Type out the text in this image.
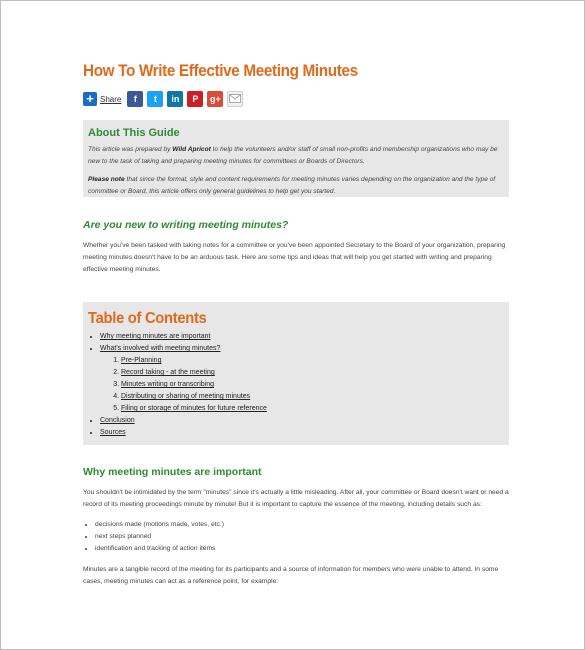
How To Write Effective Meeting Minutes
+ Share	f	t	in	P	g+
About This Guide

This article was prepared by Wild Apricot to help the volunteers and/or staff of small non-profits and membership organizations who may be new to the task of taking and preparing meeting minutes for committees or Boards of Directors.

Please note that since the format, style and content requirements for meeting minutes varies depending on the organization and the type of committee or Board, this article offers only general guidelines to help get you started.

Are you new to writing meeting minutes?

Whether you've been tasked with taking notes for a committee or you've been appointed Secretary to the Board of your organization, preparing meeting minutes doesn't have to be an arduous task. Here are some tips and ideas that will help you get started with writing and preparing effective meeting minutes.

Table of Contents
• Why meeting minutes are important
• What's involved with meeting minutes?
1. Pre-Planning
2. Record taking - at the meeting
3. Minutes writing or transcribing
4. Distributing or sharing of meeting minutes
5. Filing or storage of minutes for future reference
• Conclusion
• Sources
Why meeting minutes are important

You shouldn't be intimidated by the term "minutes" since it's actually a little misleading. After all, your committee or Board doesn't want or need a record of its meeting proceedings minute by minute! But it is important to capture the essence of the meeting, including details such as:

• decisions made (motions made, votes, etc.)
• next steps planned
• identification and tracking of action items

Minutes are a tangible record of the meeting for its participants and a source of information for members who were unable to attend. In some cases, meeting minutes can act as a reference point, for example:
